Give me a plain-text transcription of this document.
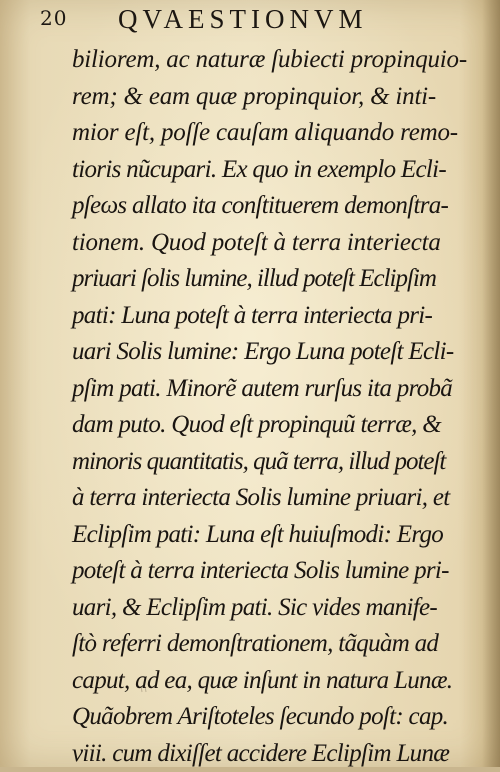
20 QVAESTIONVM
biliorem, ac naturæ ſubiecti propinquio-
rem; & eam quæ propinquior, & inti-
mior eſt, poſſe cauſam aliquando remo-
tioris nũcupari. Ex quo in exemplo Ecli-
pſeωs allato ita conſtituerem demonſtra-
tionem. Quod poteſt à terra interiecta
priuari ſolis lumine, illud poteſt Eclipſim
pati: Luna poteſt à terra interiecta pri-
uari Solis lumine: Ergo Luna poteſt Ecli-
pſim pati. Minorẽ autem rurſus ita probã
dam puto. Quod eſt propinquũ terræ, &
minoris quantitatis, quã terra, illud poteſt
à terra interiecta Solis lumine priuari, et
Eclipſim pati: Luna eſt huiuſmodi: Ergo
poteſt à terra interiecta Solis lumine pri-
uari, & Eclipſim pati. Sic vides manife-
ſtò referri demonſtrationem, tãquàm ad
caput, ad ea, quæ inſunt in natura Lunæ.
Quãobrem Ariſtoteles ſecundo poſt: cap.
viii. cum dixiſſet accidere Eclipſim Lunæ
